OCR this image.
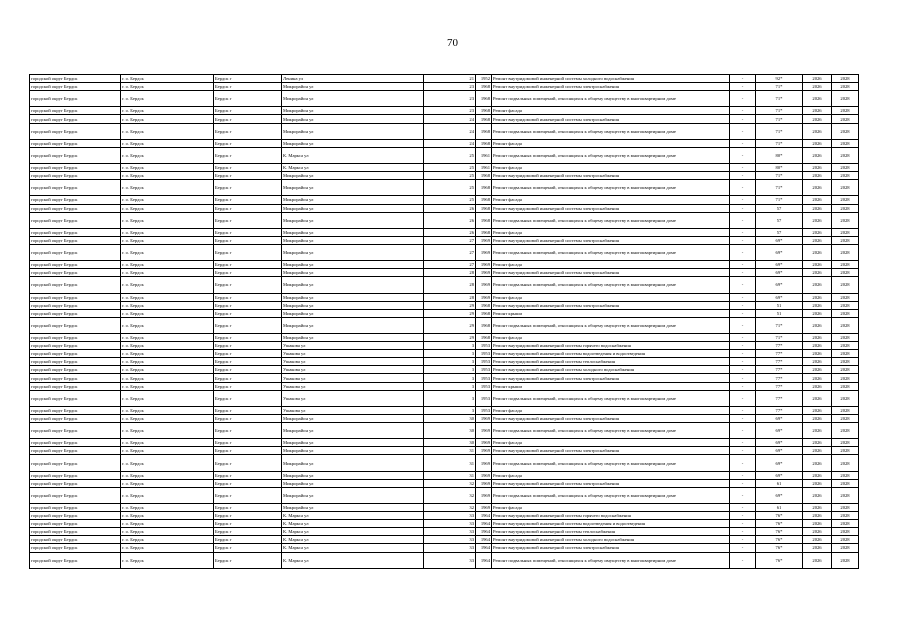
70
городской округ Бердск	г. о. Бердск	Бердск г	Ленина ул	21	1952	Ремонт внутридомовой инженерной системы холодного водоснабжения	-	92*	2026	2028
городской округ Бердск	г. о. Бердск	Бердск г	Микрорайон ул	23	1968	Ремонт внутридомовой инженерной системы электроснабжения	-	71*	2026	2028
городской округ Бердск	г. о. Бердск	Бердск г	Микрорайон ул	23	1968	Ремонт подвальных помещений, относящихся к общему имуществу в многоквартирном доме	-	71*	2026	2028
городской округ Бердск	г. о. Бердск	Бердск г	Микрорайон ул	23	1968	Ремонт фасада	-	71*	2026	2028
городской округ Бердск	г. о. Бердск	Бердск г	Микрорайон ул	24	1968	Ремонт внутридомовой инженерной системы электроснабжения	-	71*	2026	2028
городской округ Бердск	г. о. Бердск	Бердск г	Микрорайон ул	24	1968	Ремонт подвальных помещений, относящихся к общему имуществу в многоквартирном доме	-	71*	2026	2028
городской округ Бердск	г. о. Бердск	Бердск г	Микрорайон ул	24	1968	Ремонт фасада	-	71*	2026	2028
городской округ Бердск	г. о. Бердск	Бердск г	К. Маркса ул	25	1961	Ремонт подвальных помещений, относящихся к общему имуществу в многоквартирном доме	-	80*	2026	2028
городской округ Бердск	г. о. Бердск	Бердск г	К. Маркса ул	25	1961	Ремонт фасада	-	80*	2026	2028
городской округ Бердск	г. о. Бердск	Бердск г	Микрорайон ул	25	1968	Ремонт внутридомовой инженерной системы электроснабжения	-	71*	2026	2028
городской округ Бердск	г. о. Бердск	Бердск г	Микрорайон ул	25	1968	Ремонт подвальных помещений, относящихся к общему имуществу в многоквартирном доме	-	71*	2026	2028
городской округ Бердск	г. о. Бердск	Бердск г	Микрорайон ул	25	1968	Ремонт фасада	-	71*	2026	2028
городской округ Бердск	г. о. Бердск	Бердск г	Микрорайон ул	26	1968	Ремонт внутридомовой инженерной системы электроснабжения	-	57	2026	2028
городской округ Бердск	г. о. Бердск	Бердск г	Микрорайон ул	26	1968	Ремонт подвальных помещений, относящихся к общему имуществу в многоквартирном доме	-	57	2026	2028
городской округ Бердск	г. о. Бердск	Бердск г	Микрорайон ул	26	1968	Ремонт фасада	-	57	2026	2028
городской округ Бердск	г. о. Бердск	Бердск г	Микрорайон ул	27	1969	Ремонт внутридомовой инженерной системы электроснабжения	-	69*	2026	2028
городской округ Бердск	г. о. Бердск	Бердск г	Микрорайон ул	27	1969	Ремонт подвальных помещений, относящихся к общему имуществу в многоквартирном доме	-	69*	2026	2028
городской округ Бердск	г. о. Бердск	Бердск г	Микрорайон ул	27	1969	Ремонт фасада	-	69*	2026	2028
городской округ Бердск	г. о. Бердск	Бердск г	Микрорайон ул	28	1969	Ремонт внутридомовой инженерной системы электроснабжения	-	69*	2026	2028
городской округ Бердск	г. о. Бердск	Бердск г	Микрорайон ул	28	1969	Ремонт подвальных помещений, относящихся к общему имуществу в многоквартирном доме	-	69*	2026	2028
городской округ Бердск	г. о. Бердск	Бердск г	Микрорайон ул	28	1969	Ремонт фасада	-	69*	2026	2028
городской округ Бердск	г. о. Бердск	Бердск г	Микрорайон ул	29	1968	Ремонт внутридомовой инженерной системы электроснабжения	-	51	2026	2028
городской округ Бердск	г. о. Бердск	Бердск г	Микрорайон ул	29	1968	Ремонт крыши	-	51	2026	2028
городской округ Бердск	г. о. Бердск	Бердск г	Микрорайон ул	29	1968	Ремонт подвальных помещений, относящихся к общему имуществу в многоквартирном доме	-	71*	2026	2028
городской округ Бердск	г. о. Бердск	Бердск г	Микрорайон ул	29	1968	Ремонт фасада	-	71*	2026	2028
городской округ Бердск	г. о. Бердск	Бердск г	Ушакова ул	3	1953	Ремонт внутридомовой инженерной системы горячего водоснабжения	-	77*	2026	2028
городской округ Бердск	г. о. Бердск	Бердск г	Ушакова ул	3	1953	Ремонт внутридомовой инженерной системы водоотведения и водоотведения	-	77*	2026	2028
городской округ Бердск	г. о. Бердск	Бердск г	Ушакова ул	3	1953	Ремонт внутридомовой инженерной системы теплоснабжения	-	77*	2026	2028
городской округ Бердск	г. о. Бердск	Бердск г	Ушакова ул	3	1953	Ремонт внутридомовой инженерной системы холодного водоснабжения	-	77*	2026	2028
городской округ Бердск	г. о. Бердск	Бердск г	Ушакова ул	3	1953	Ремонт внутридомовой инженерной системы электроснабжения	-	77*	2026	2028
городской округ Бердск	г. о. Бердск	Бердск г	Ушакова ул	3	1953	Ремонт крыши	-	77*	2026	2028
городской округ Бердск	г. о. Бердск	Бердск г	Ушакова ул	3	1953	Ремонт подвальных помещений, относящихся к общему имуществу в многоквартирном доме	-	77*	2026	2028
городской округ Бердск	г. о. Бердск	Бердск г	Ушакова ул	3	1953	Ремонт фасада	-	77*	2026	2028
городской округ Бердск	г. о. Бердск	Бердск г	Микрорайон ул	30	1969	Ремонт внутридомовой инженерной системы электроснабжения	-	69*	2026	2028
городской округ Бердск	г. о. Бердск	Бердск г	Микрорайон ул	30	1969	Ремонт подвальных помещений, относящихся к общему имуществу в многоквартирном доме	-	69*	2026	2028
городской округ Бердск	г. о. Бердск	Бердск г	Микрорайон ул	30	1969	Ремонт фасада	-	69*	2026	2028
городской округ Бердск	г. о. Бердск	Бердск г	Микрорайон ул	31	1969	Ремонт внутридомовой инженерной системы электроснабжения	-	69*	2026	2028
городской округ Бердск	г. о. Бердск	Бердск г	Микрорайон ул	31	1969	Ремонт подвальных помещений, относящихся к общему имуществу в многоквартирном доме	-	69*	2026	2028
городской округ Бердск	г. о. Бердск	Бердск г	Микрорайон ул	31	1969	Ремонт фасада	-	69*	2026	2028
городской округ Бердск	г. о. Бердск	Бердск г	Микрорайон ул	32	1969	Ремонт внутридомовой инженерной системы электроснабжения	-	61	2026	2028
городской округ Бердск	г. о. Бердск	Бердск г	Микрорайон ул	32	1969	Ремонт подвальных помещений, относящихся к общему имуществу в многоквартирном доме	-	69*	2026	2028
городской округ Бердск	г. о. Бердск	Бердск г	Микрорайон ул	32	1969	Ремонт фасада	-	61	2026	2028
городской округ Бердск	г. о. Бердск	Бердск г	К. Маркса ул	33	1964	Ремонт внутридомовой инженерной системы горячего водоснабжения	-	76*	2026	2028
городской округ Бердск	г. о. Бердск	Бердск г	К. Маркса ул	33	1964	Ремонт внутридомовой инженерной системы водоотведения и водоотведения	-	76*	2026	2028
городской округ Бердск	г. о. Бердск	Бердск г	К. Маркса ул	33	1964	Ремонт внутридомовой инженерной системы теплоснабжения	-	76*	2026	2028
городской округ Бердск	г. о. Бердск	Бердск г	К. Маркса ул	33	1964	Ремонт внутридомовой инженерной системы холодного водоснабжения	-	76*	2026	2028
городской округ Бердск	г. о. Бердск	Бердск г	К. Маркса ул	33	1964	Ремонт внутридомовой инженерной системы электроснабжения	-	76*	2026	2028
городской округ Бердск	г. о. Бердск	Бердск г	К. Маркса ул	33	1964	Ремонт подвальных помещений, относящихся к общему имуществу в многоквартирном доме	-	76*	2026	2028
